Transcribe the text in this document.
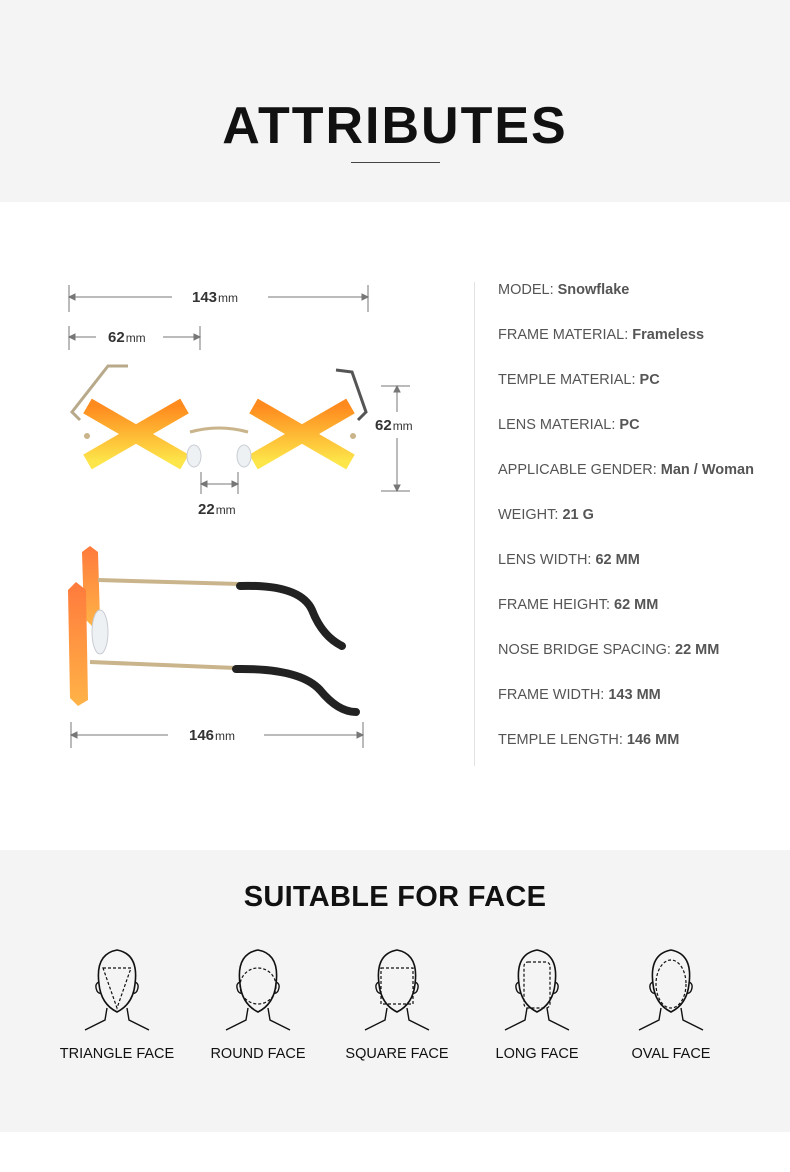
ATTRIBUTES
143mm
62mm
62mm
22mm
146mm
MODEL: Snowflake
FRAME MATERIAL: Frameless
TEMPLE MATERIAL: PC
LENS MATERIAL: PC
APPLICABLE GENDER: Man / Woman
WEIGHT: 21 G
LENS WIDTH: 62 MM
FRAME HEIGHT: 62 MM
NOSE BRIDGE SPACING: 22 MM
FRAME WIDTH: 143 MM
TEMPLE LENGTH: 146 MM
SUITABLE FOR FACE
TRIANGLE FACE	ROUND FACE	SQUARE FACE	LONG FACE	OVAL FACE
